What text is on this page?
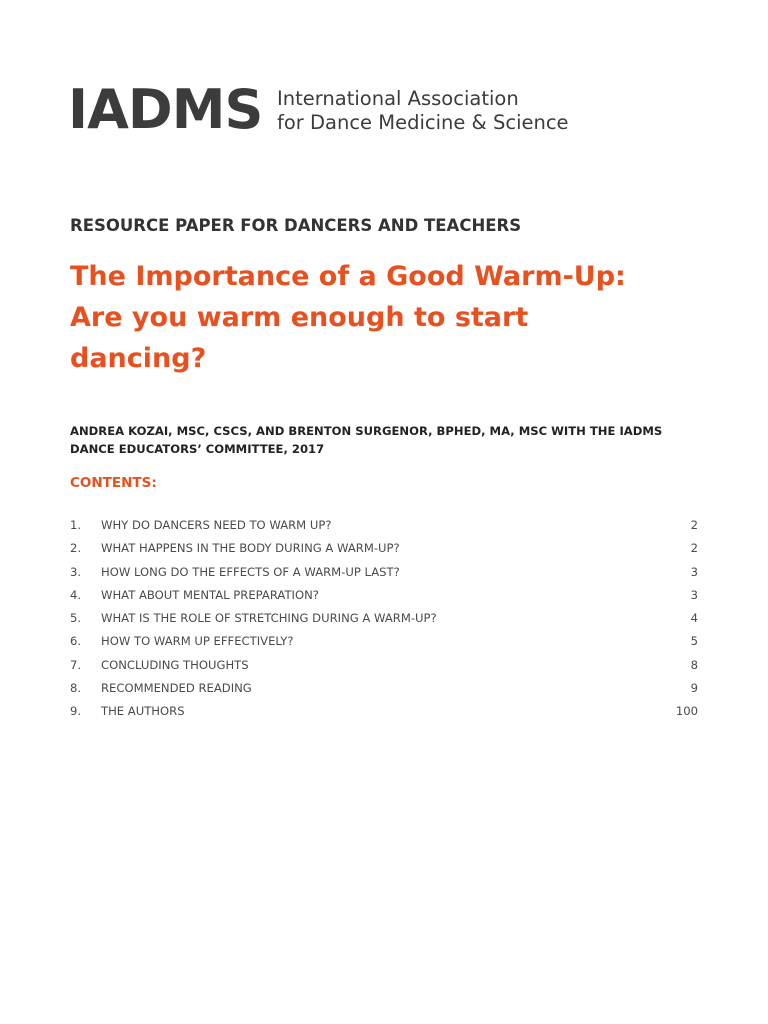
IADMS International Association
for Dance Medicine & Science
RESOURCE PAPER FOR DANCERS AND TEACHERS
The Importance of a Good Warm-Up:
Are you warm enough to start
dancing?
ANDREA KOZAI, MSC, CSCS, AND BRENTON SURGENOR, BPHED, MA, MSC WITH THE IADMS
DANCE EDUCATORS’ COMMITTEE, 2017
CONTENTS:
1. WHY DO DANCERS NEED TO WARM UP?	2
2. WHAT HAPPENS IN THE BODY DURING A WARM-UP?	2
3. HOW LONG DO THE EFFECTS OF A WARM-UP LAST?	3
4. WHAT ABOUT MENTAL PREPARATION?	3
5. WHAT IS THE ROLE OF STRETCHING DURING A WARM-UP?	4
6. HOW TO WARM UP EFFECTIVELY?	5
7. CONCLUDING THOUGHTS	8
8. RECOMMENDED READING	9
9. THE AUTHORS	100
